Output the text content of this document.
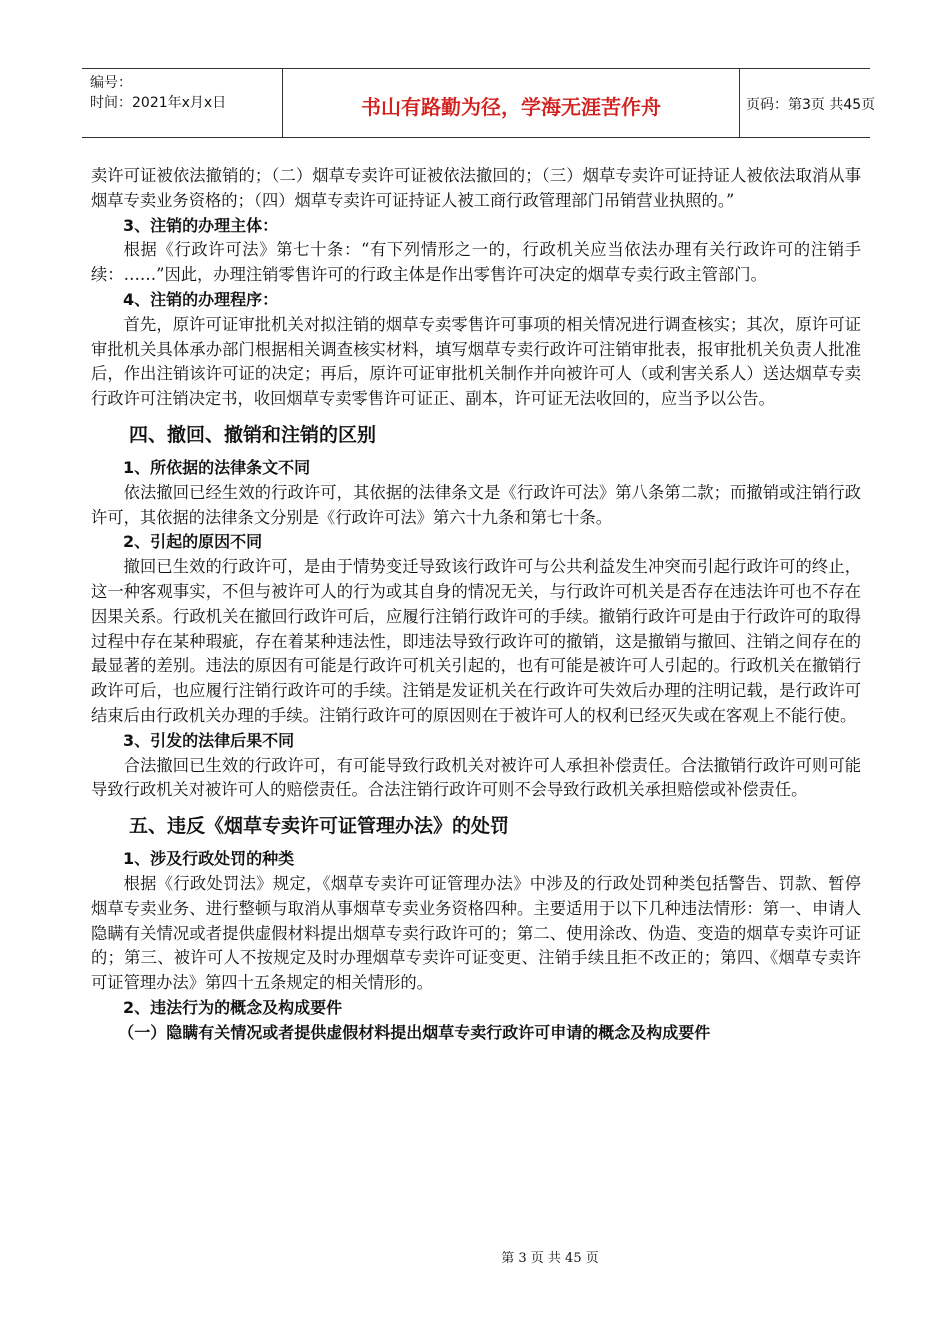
编号：
时间：2021年x月x日	书山有路勤为径，学海无涯苦作舟	页码：第3页 共45页

卖许可证被依法撤销的；（二）烟草专卖许可证被依法撤回的；（三）烟草专卖许可证持证人被依法取消从事烟草专卖业务资格的；（四）烟草专卖许可证持证人被工商行政管理部门吊销营业执照的。”

3、注销的办理主体：

根据《行政许可法》第七十条：“有下列情形之一的，行政机关应当依法办理有关行政许可的注销手续：……”因此，办理注销零售许可的行政主体是作出零售许可决定的烟草专卖行政主管部门。

4、注销的办理程序：

首先，原许可证审批机关对拟注销的烟草专卖零售许可事项的相关情况进行调查核实；其次，原许可证审批机关具体承办部门根据相关调查核实材料，填写烟草专卖行政许可注销审批表，报审批机关负责人批准后，作出注销该许可证的决定；再后，原许可证审批机关制作并向被许可人（或利害关系人）送达烟草专卖行政许可注销决定书，收回烟草专卖零售许可证正、副本，许可证无法收回的，应当予以公告。

四、撤回、撤销和注销的区别

1、所依据的法律条文不同

依法撤回已经生效的行政许可，其依据的法律条文是《行政许可法》第八条第二款；而撤销或注销行政许可，其依据的法律条文分别是《行政许可法》第六十九条和第七十条。

2、引起的原因不同

撤回已生效的行政许可，是由于情势变迁导致该行政许可与公共利益发生冲突而引起行政许可的终止，这一种客观事实，不但与被许可人的行为或其自身的情况无关，与行政许可机关是否存在违法许可也不存在因果关系。行政机关在撤回行政许可后，应履行注销行政许可的手续。撤销行政许可是由于行政许可的取得过程中存在某种瑕疵，存在着某种违法性，即违法导致行政许可的撤销，这是撤销与撤回、注销之间存在的最显著的差别。违法的原因有可能是行政许可机关引起的，也有可能是被许可人引起的。行政机关在撤销行政许可后，也应履行注销行政许可的手续。注销是发证机关在行政许可失效后办理的注明记载，是行政许可结束后由行政机关办理的手续。注销行政许可的原因则在于被许可人的权利已经灭失或在客观上不能行使。

3、引发的法律后果不同

合法撤回已生效的行政许可，有可能导致行政机关对被许可人承担补偿责任。合法撤销行政许可则可能导致行政机关对被许可人的赔偿责任。合法注销行政许可则不会导致行政机关承担赔偿或补偿责任。

五、违反《烟草专卖许可证管理办法》的处罚

1、涉及行政处罚的种类

根据《行政处罚法》规定，《烟草专卖许可证管理办法》中涉及的行政处罚种类包括警告、罚款、暂停烟草专卖业务、进行整顿与取消从事烟草专卖业务资格四种。主要适用于以下几种违法情形：第一、申请人隐瞒有关情况或者提供虚假材料提出烟草专卖行政许可的；第二、使用涂改、伪造、变造的烟草专卖许可证的；第三、被许可人不按规定及时办理烟草专卖许可证变更、注销手续且拒不改正的；第四、《烟草专卖许可证管理办法》第四十五条规定的相关情形的。

2、违法行为的概念及构成要件

（一）隐瞒有关情况或者提供虚假材料提出烟草专卖行政许可申请的概念及构成要件

第 3 页 共 45 页
